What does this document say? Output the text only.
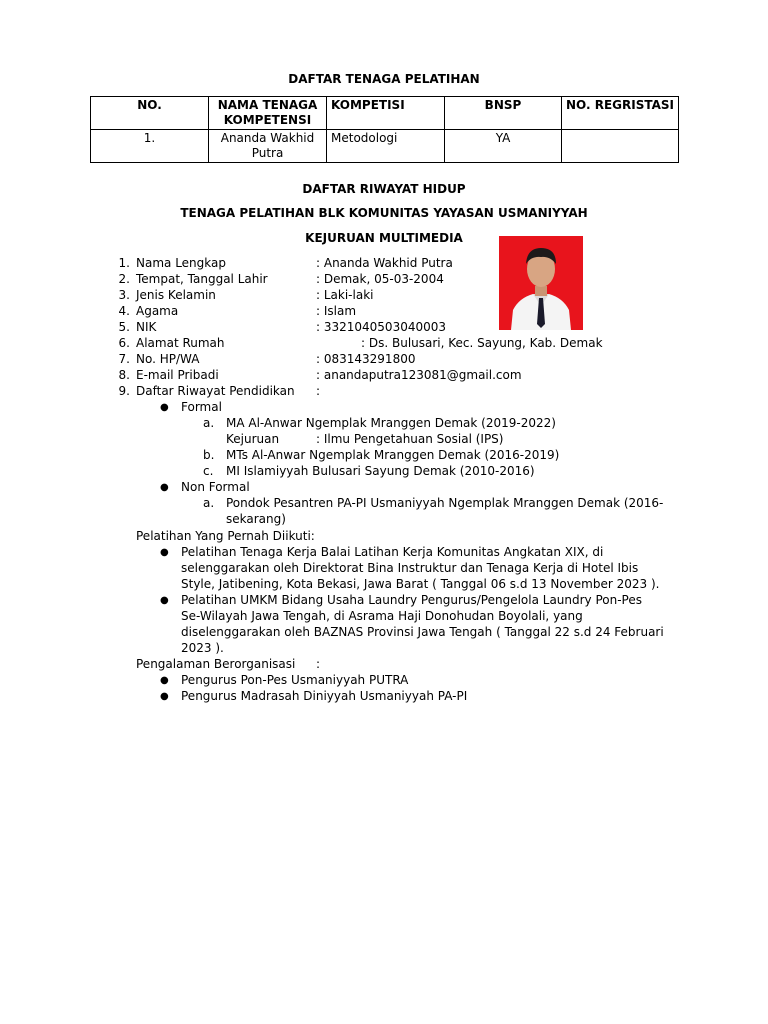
DAFTAR TENAGA PELATIHAN
NO.	NAMA TENAGA KOMPETENSI	KOMPETISI	BNSP	NO. REGRISTASI
1.	Ananda Wakhid Putra	Metodologi	YA	
DAFTAR RIWAYAT HIDUP
TENAGA PELATIHAN BLK KOMUNITAS YAYASAN USMANIYYAH
KEJURUAN MULTIMEDIA
1. Nama Lengkap	: Ananda Wakhid Putra
2. Tempat, Tanggal Lahir	: Demak, 05-03-2004
3. Jenis Kelamin	: Laki-laki
4. Agama	: Islam
5. NIK	: 3321040503040003
6. Alamat Rumah	: Ds. Bulusari, Kec. Sayung, Kab. Demak
7. No. HP/WA	: 083143291800
8. E-mail Pribadi	: anandaputra123081@gmail.com
9. Daftar Riwayat Pendidikan :
● Formal
a. MA Al-Anwar Ngemplak Mranggen Demak (2019-2022)
Kejuruan	: Ilmu Pengetahuan Sosial (IPS)
b. MTs Al-Anwar Ngemplak Mranggen Demak (2016-2019)
c. MI Islamiyyah Bulusari Sayung Demak (2010-2016)
● Non Formal
a. Pondok Pesantren PA-PI Usmaniyyah Ngemplak Mranggen Demak (2016-
sekarang)
Pelatihan Yang Pernah Diikuti:
● Pelatihan Tenaga Kerja Balai Latihan Kerja Komunitas Angkatan XIX, di
selenggarakan oleh Direktorat Bina Instruktur dan Tenaga Kerja di Hotel Ibis
Style, Jatibening, Kota Bekasi, Jawa Barat ( Tanggal 06 s.d 13 November 2023 ).
● Pelatihan UMKM Bidang Usaha Laundry Pengurus/Pengelola Laundry Pon-Pes
Se-Wilayah Jawa Tengah, di Asrama Haji Donohudan Boyolali, yang
diselenggarakan oleh BAZNAS Provinsi Jawa Tengah ( Tanggal 22 s.d 24 Februari
2023 ).
Pengalaman Berorganisasi :
● Pengurus Pon-Pes Usmaniyyah PUTRA
● Pengurus Madrasah Diniyyah Usmaniyyah PA-PI
